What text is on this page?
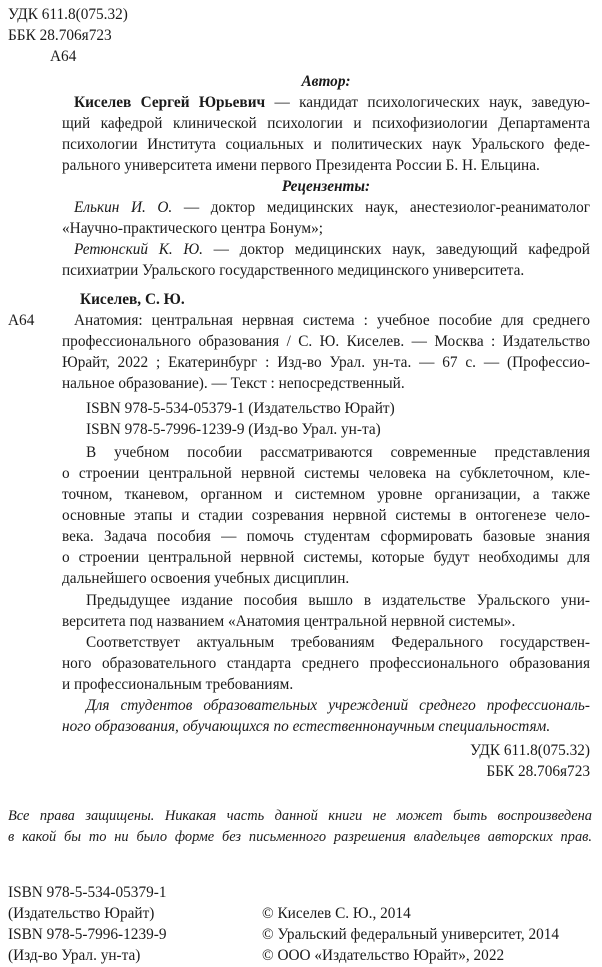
УДК 611.8(075.32)
ББК 28.706я723
А64
Автор:
Киселев Сергей Юрьевич — кандидат психологических наук, заведую-
щий кафедрой клинической психологии и психофизиологии Департамента
психологии Института социальных и политических наук Уральского федe-
рального университета имени первого Президента России Б. Н. Ельцина.
Рецензенты:
Елькин И. О. — доктор медицинских наук, анестезиолог-реаниматолог
«Научно-практического центра Бонум»;
Ретюнский К. Ю. — доктор медицинских наук, заведующий кафедрой
психиатрии Уральского государственного медицинского университета.
Киселев, С. Ю.
А64	Анатомия: центральная нервная система : учебное пособие для среднего
профессионального образования / С. Ю. Киселев. — Москва : Издательство
Юрайт, 2022 ; Екатеринбург : Изд-во Урал. ун-та. — 67 с. — (Профессио-
нальное образование). — Текст : непосредственный.
ISBN 978-5-534-05379-1 (Издательство Юрайт)
ISBN 978-5-7996-1239-9 (Изд-во Урал. ун-та)
В учебном пособии рассматриваются современные представления
о строении центральной нервной системы человека на субклеточном, кле-
точном, тканевом, органном и системном уровне организации, а также
основные этапы и стадии созревания нервной системы в онтогенезе чело-
века. Задача пособия — помочь студентам сформировать базовые знания
о строении центральной нервной системы, которые будут необходимы для
дальнейшего освоения учебных дисциплин.
Предыдущее издание пособия вышло в издательстве Уральского уни-
верситета под названием «Анатомия центральной нервной системы».
Соответствует актуальным требованиям Федерального государствен-
ного образовательного стандарта среднего профессионального образования
и профессиональным требованиям.
Для студентов образовательных учреждений среднего профессиональ-
ного образования, обучающихся по естественнонаучным специальностям.
УДК 611.8(075.32)
ББК 28.706я723
Все права защищены. Никакая часть данной книги не может быть воспроизведена
в какой бы то ни было форме без письменного разрешения владельцев авторских прав.
ISBN 978-5-534-05379-1
(Издательство Юрайт)
ISBN 978-5-7996-1239-9
(Изд-во Урал. ун-та)
© Киселев С. Ю., 2014
© Уральский федеральный университет, 2014
© ООО «Издательство Юрайт», 2022
